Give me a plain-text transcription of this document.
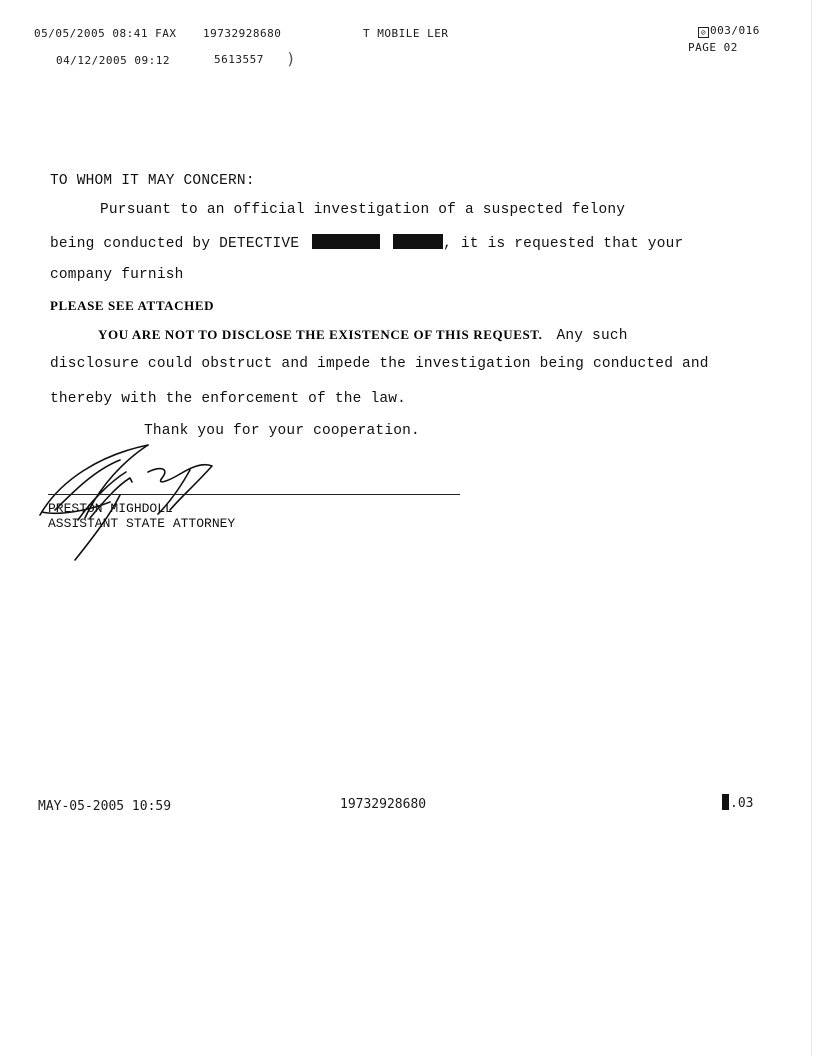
05/05/2005 08:41 FAX 19732928680	T MOBILE LER	⊘ 003/016
PAGE 02
04/12/2005 09:12	5613557 )
TO WHOM IT MAY CONCERN:
Pursuant to an official investigation of a suspected felony
being conducted by DETECTIVE	, it is requested that your
company furnish
PLEASE SEE ATTACHED
YOU ARE NOT TO DISCLOSE THE EXISTENCE OF THIS REQUEST. Any such
disclosure could obstruct and impede the investigation being conducted and
thereby with the enforcement of the law.
Thank you for your cooperation.
PRESTON MIGHDOLL
ASSISTANT STATE ATTORNEY
MAY-05-2005 10:59	19732928680	.03
